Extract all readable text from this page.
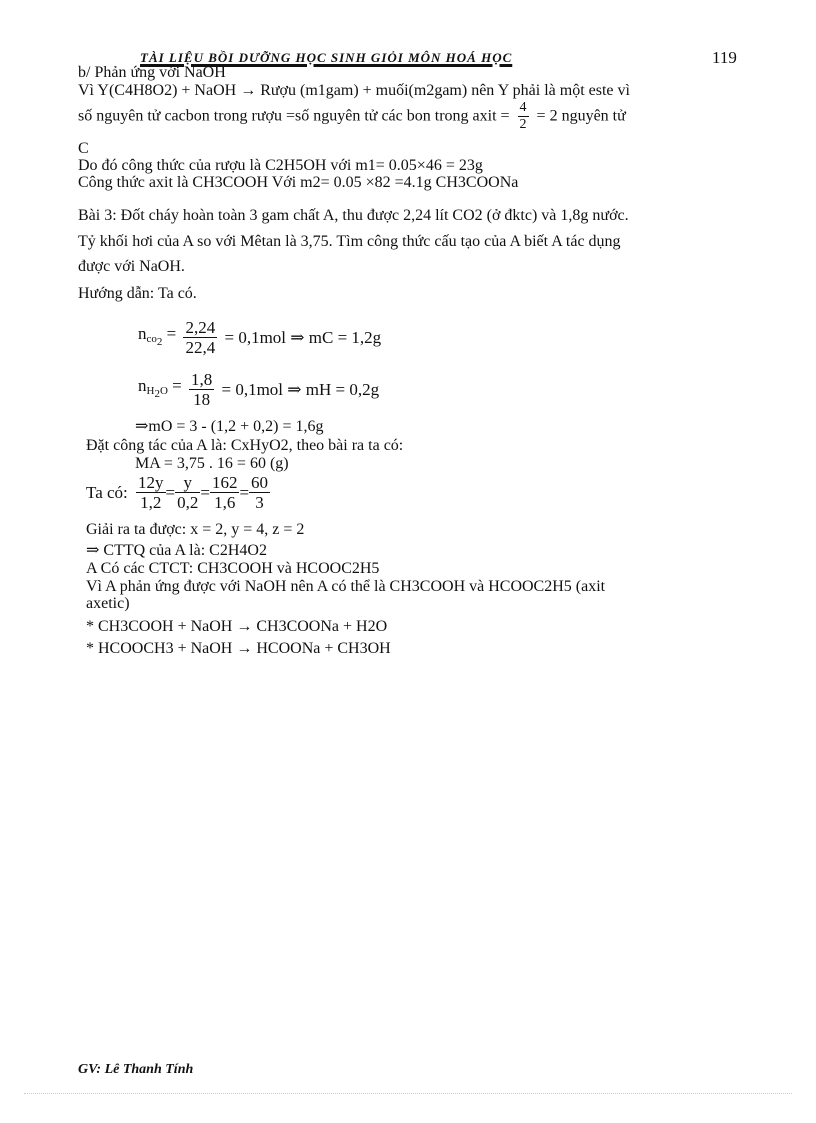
TÀI LIỆU BỒI DƯỠNG HỌC SINH GIỎI MÔN HOÁ HỌC	119
b/ Phản ứng với NaOH
Vì Y(C4H8O2) + NaOH → Rượu (m1gam) + muối(m2gam) nên Y phải là một este vì
số nguyên tử cacbon trong rượu =số nguyên tử các bon trong axit = $\frac{4}{2} = 2$ nguyên tử
C
Do đó công thức của rượu là C2H5OH với m1= 0.05×46 = 23g
Công thức axit là CH3COOH Với m2= 0.05 ×82 =4.1g CH3COONa
Bài 3: Đốt cháy hoàn toàn 3 gam chất A, thu được 2,24 lít CO2 (ở đktc) và 1,8g nước.
Tỷ khối hơi của A so với Mêtan là 3,75. Tìm công thức cấu tạo của A biết A tác dụng
được với NaOH.
Hướng dẫn: Ta có.
$n_{co_2} = \frac{2,24}{22,4} = 0,1mol$ ⇒ mC = 1,2g
$n_{H_2O} = \frac{1,8}{18} = 0,1mol$ ⇒ mH = 0,2g
⇒mO = 3 - (1,2 + 0,2) = 1,6g
Đặt công tác của A là: CxHyO2, theo bài ra ta có:
MA = 3,75 . 16 = 60 (g)
Ta có: $\frac{12y}{1,2} = \frac{y}{0,2} = \frac{162}{1,6} = \frac{60}{3}$
Giải ra ta được: x = 2, y = 4, z = 2
⇒ CTTQ của A là: C2H4O2
A Có các CTCT: CH3COOH và HCOOC2H5
Vì A phản ứng được với NaOH nên A có thể là CH3COOH và HCOOC2H5 (axit
axetic)
* CH3COOH + NaOH → CH3COONa + H2O
* HCOOCH3 + NaOH → HCOONa + CH3OH
GV: Lê Thanh Tính
